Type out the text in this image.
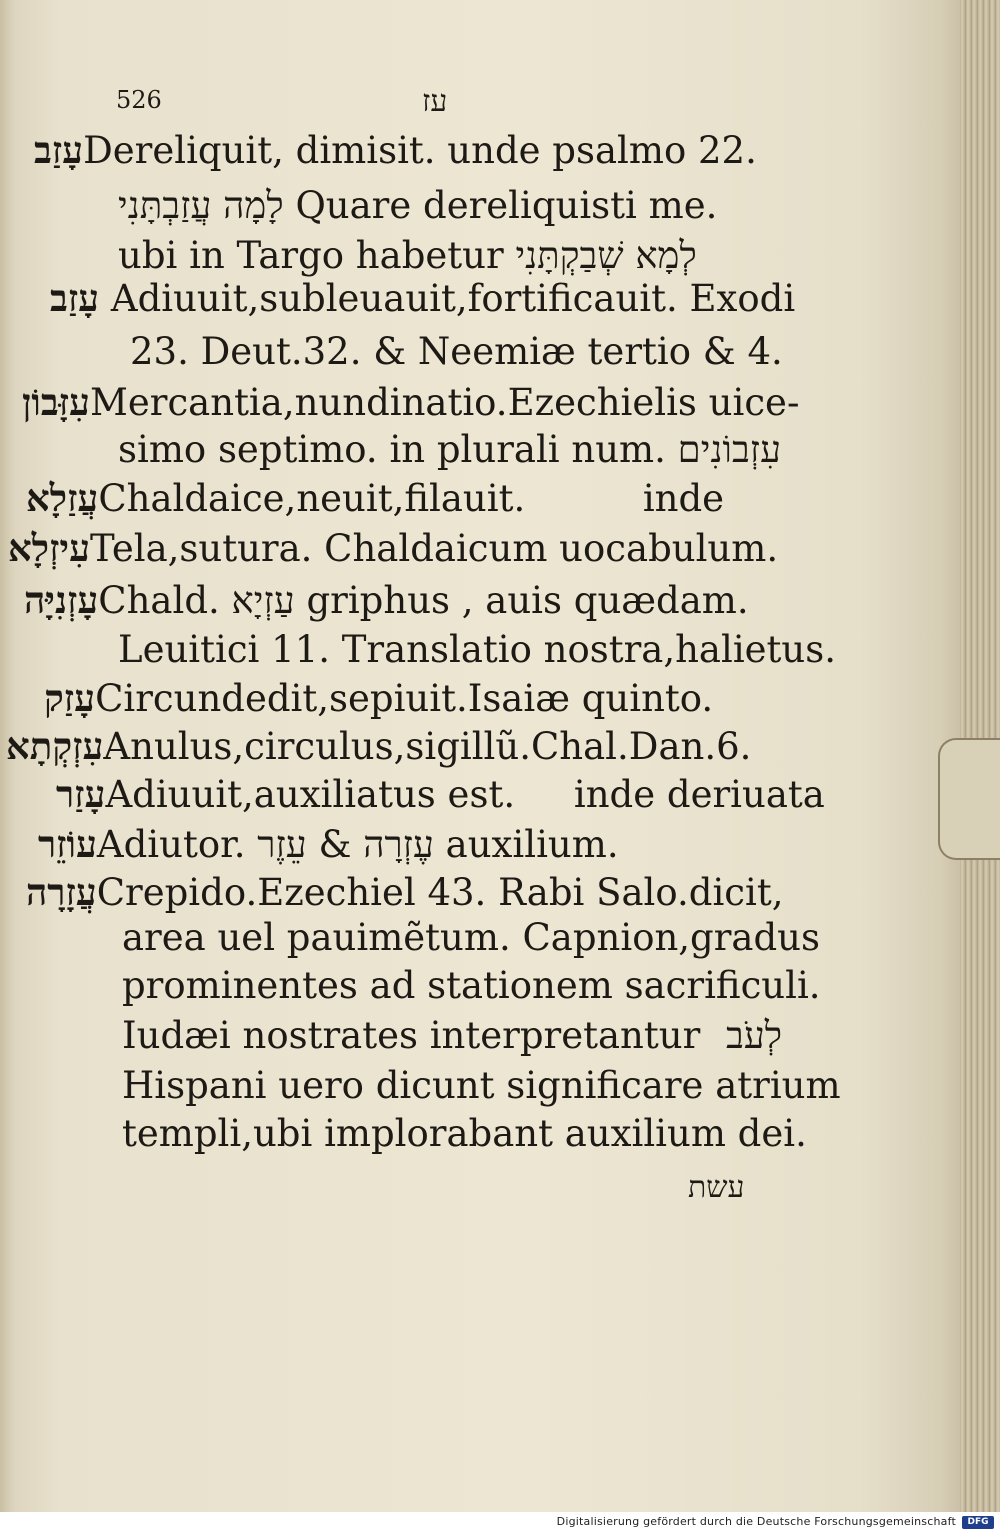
526	עז
עָזַבDereliquit, dimisit. unde psalmo 22.
לָמָה עֲזַבְתָּנִי Quare dereliquisti me.
ubi in Targo habetur לְמָא שְׁבַקְתָּנִי
עָזַב Adiuuit,subleuauit,fortificauit. Exodi
23. Deut.32. & Neemiæ tertio & 4.
עִזָּבוֹןMercantia,nundinatio.Ezechielis uice-
simo septimo. in plurali num. עִזְבוֹנִים
עֲזַלָאChaldaice,neuit,filauit.          inde
עִיזְלָאTela,sutura. Chaldaicum uocabulum.
עָזְנִיָּהChald. עַזְיָא griphus , auis quædam.
Leuitici 11. Translatio nostra,halietus.
עָזַקCircundedit,sepiuit.Isaiæ quinto.
עִזְקְתָאAnulus,circulus,sigillũ.Chal.Dan.6.
עָזַרAdiuuit,auxiliatus est.     inde deriuata
עוֹזֵרAdiutor. עֵזֶר & עֶזְרָה auxilium.
עֲזָרָהCrepido.Ezechiel 43. Rabi Salo.dicit,
area uel pauimẽtum. Capnion,gradus
prominentes ad stationem sacrificuli.
Iudæi nostrates interpretantur לְעֹב
Hispani uero dicunt significare atrium
templi,ubi implorabant auxilium dei.
עשת
Digitalisierung gefördert durch die Deutsche Forschungsgemeinschaft	DFG
